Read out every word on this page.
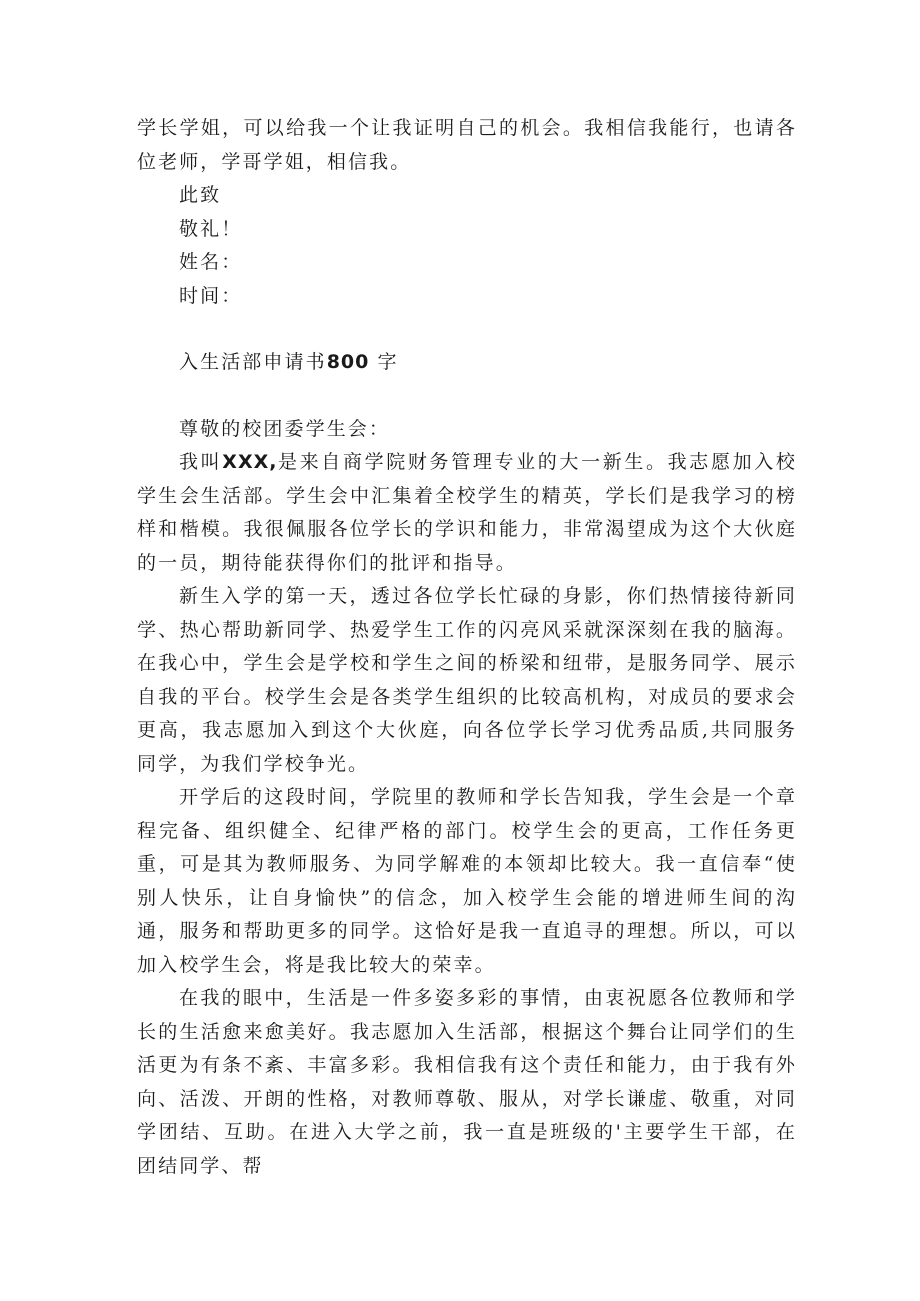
学长学姐，可以给我一个让我证明自己的机会。我相信我能行，也请各位老师，学哥学姐，相信我。

此致

敬礼！

姓名：

时间：

入生活部申请书800 字

尊敬的校团委学生会：

我叫XXX,是来自商学院财务管理专业的大一新生。我志愿加入校学生会生活部。学生会中汇集着全校学生的精英，学长们是我学习的榜样和楷模。我很佩服各位学长的学识和能力，非常渴望成为这个大伙庭的一员，期待能获得你们的批评和指导。

新生入学的第一天，透过各位学长忙碌的身影，你们热情接待新同学、热心帮助新同学、热爱学生工作的闪亮风采就深深刻在我的脑海。在我心中，学生会是学校和学生之间的桥梁和纽带，是服务同学、展示自我的平台。校学生会是各类学生组织的比较高机构，对成员的要求会更高，我志愿加入到这个大伙庭，向各位学长学习优秀品质,共同服务同学，为我们学校争光。

开学后的这段时间，学院里的教师和学长告知我，学生会是一个章程完备、组织健全、纪律严格的部门。校学生会的更高，工作任务更重，可是其为教师服务、为同学解难的本领却比较大。我一直信奉“使别人快乐，让自身愉快”的信念，加入校学生会能的增进师生间的沟通，服务和帮助更多的同学。这恰好是我一直追寻的理想。所以，可以加入校学生会，将是我比较大的荣幸。

在我的眼中，生活是一件多姿多彩的事情，由衷祝愿各位教师和学长的生活愈来愈美好。我志愿加入生活部，根据这个舞台让同学们的生活更为有条不紊、丰富多彩。我相信我有这个责任和能力，由于我有外向、活泼、开朗的性格，对教师尊敬、服从，对学长谦虚、敬重，对同学团结、互助。在进入大学之前，我一直是班级的'主要学生干部，在团结同学、帮
